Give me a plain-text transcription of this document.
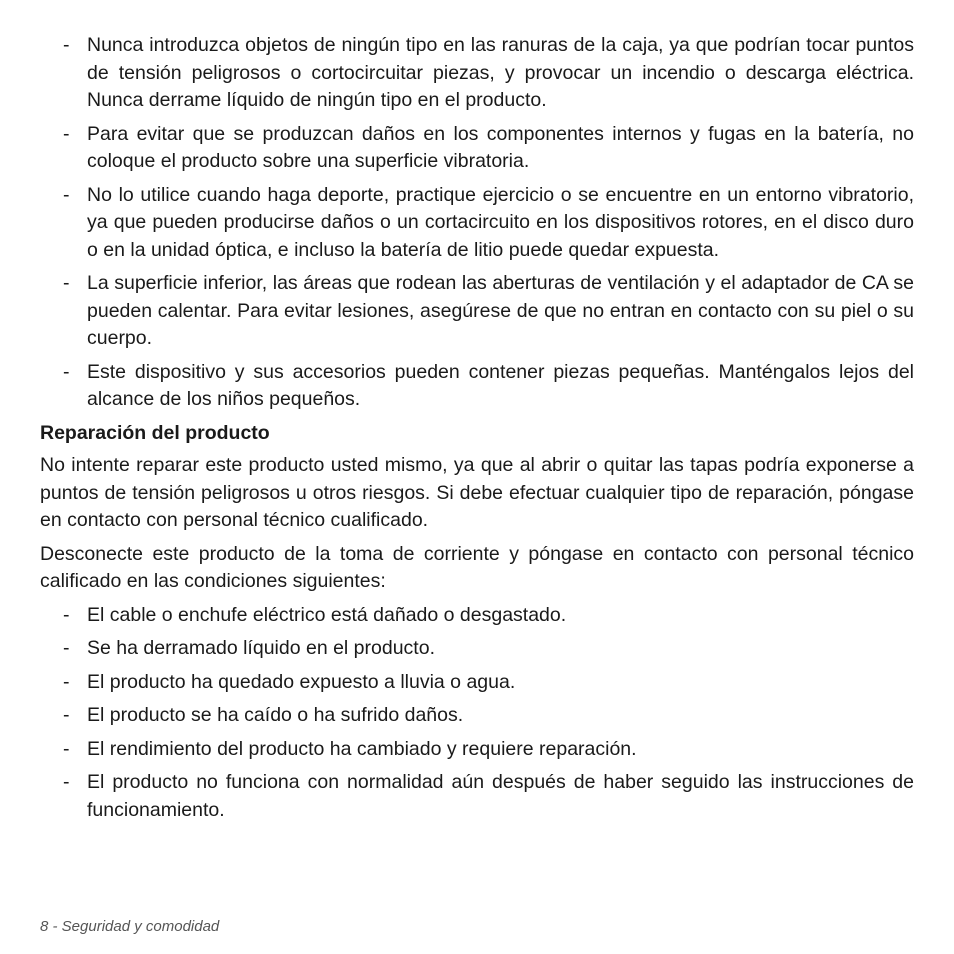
- Nunca introduzca objetos de ningún tipo en las ranuras de la caja, ya que podrían tocar puntos de tensión peligrosos o cortocircuitar piezas, y provocar un incendio o descarga eléctrica. Nunca derrame líquido de ningún tipo en el producto.
- Para evitar que se produzcan daños en los componentes internos y fugas en la batería, no coloque el producto sobre una superficie vibratoria.
- No lo utilice cuando haga deporte, practique ejercicio o se encuentre en un entorno vibratorio, ya que pueden producirse daños o un cortacircuito en los dispositivos rotores, en el disco duro o en la unidad óptica, e incluso la batería de litio puede quedar expuesta.
- La superficie inferior, las áreas que rodean las aberturas de ventilación y el adaptador de CA se pueden calentar. Para evitar lesiones, asegúrese de que no entran en contacto con su piel o su cuerpo.
- Este dispositivo y sus accesorios pueden contener piezas pequeñas. Manténgalos lejos del alcance de los niños pequeños.
Reparación del producto

No intente reparar este producto usted mismo, ya que al abrir o quitar las tapas podría exponerse a puntos de tensión peligrosos u otros riesgos. Si debe efectuar cualquier tipo de reparación, póngase en contacto con personal técnico cualificado.

Desconecte este producto de la toma de corriente y póngase en contacto con personal técnico calificado en las condiciones siguientes:

- El cable o enchufe eléctrico está dañado o desgastado.
- Se ha derramado líquido en el producto.
- El producto ha quedado expuesto a lluvia o agua.
- El producto se ha caído o ha sufrido daños.
- El rendimiento del producto ha cambiado y requiere reparación.
- El producto no funciona con normalidad aún después de haber seguido las instrucciones de funcionamiento.
8 - Seguridad y comodidad
